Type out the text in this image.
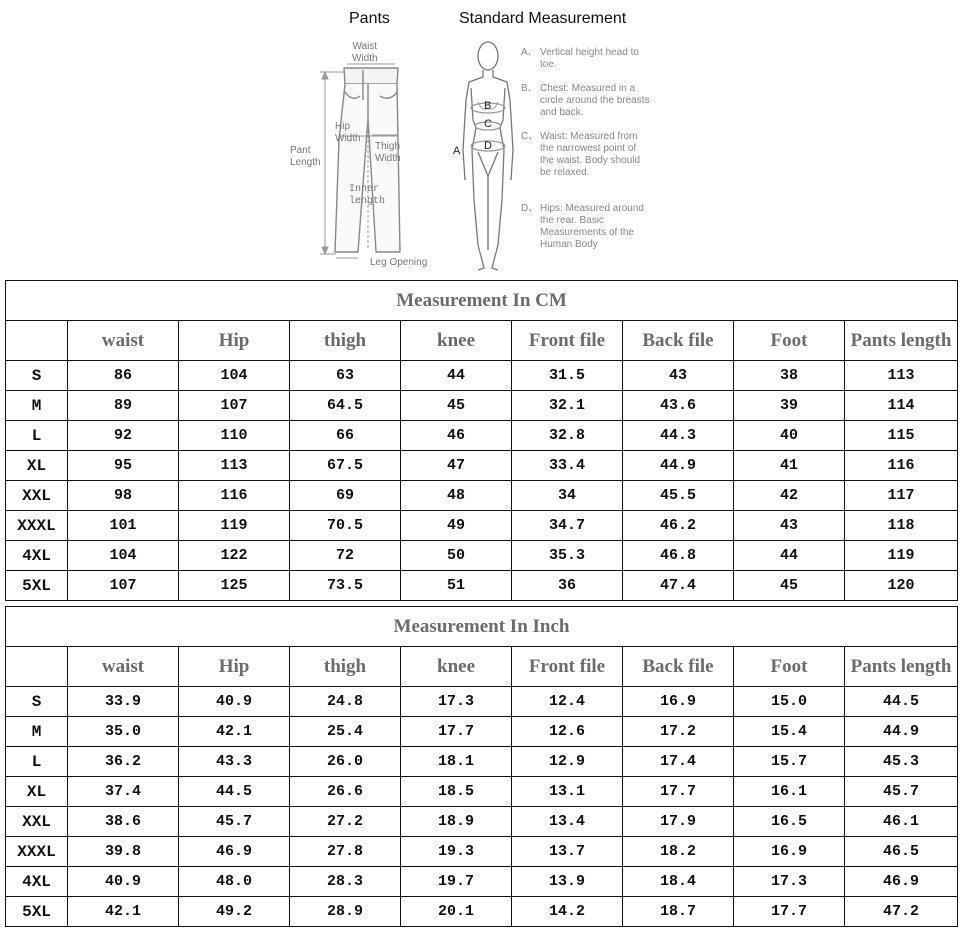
Pants	Standard Measurement
Waist
Width
Hip
Width
Thigh
Width
Pant
Length
Inner
length
Leg Opening
B
C
D
A
A、 Vertical height head to toe.
B、 Chest: Measured in a circle around the breasts and back.
C、 Waist: Measured from the narrowest point of the waist. Body should be relaxed.
D、 Hips: Measured around the rear. Basic Measurements of the Human Body
Measurement In CM								
	waist	Hip	thigh	knee	Front file	Back file	Foot	Pants length
S	86	104	63	44	31.5	43	38	113
M	89	107	64.5	45	32.1	43.6	39	114
L	92	110	66	46	32.8	44.3	40	115
XL	95	113	67.5	47	33.4	44.9	41	116
XXL	98	116	69	48	34	45.5	42	117
XXXL	101	119	70.5	49	34.7	46.2	43	118
4XL	104	122	72	50	35.3	46.8	44	119
5XL	107	125	73.5	51	36	47.4	45	120
Measurement In Inch								
	waist	Hip	thigh	knee	Front file	Back file	Foot	Pants length
S	33.9	40.9	24.8	17.3	12.4	16.9	15.0	44.5
M	35.0	42.1	25.4	17.7	12.6	17.2	15.4	44.9
L	36.2	43.3	26.0	18.1	12.9	17.4	15.7	45.3
XL	37.4	44.5	26.6	18.5	13.1	17.7	16.1	45.7
XXL	38.6	45.7	27.2	18.9	13.4	17.9	16.5	46.1
XXXL	39.8	46.9	27.8	19.3	13.7	18.2	16.9	46.5
4XL	40.9	48.0	28.3	19.7	13.9	18.4	17.3	46.9
5XL	42.1	49.2	28.9	20.1	14.2	18.7	17.7	47.2
